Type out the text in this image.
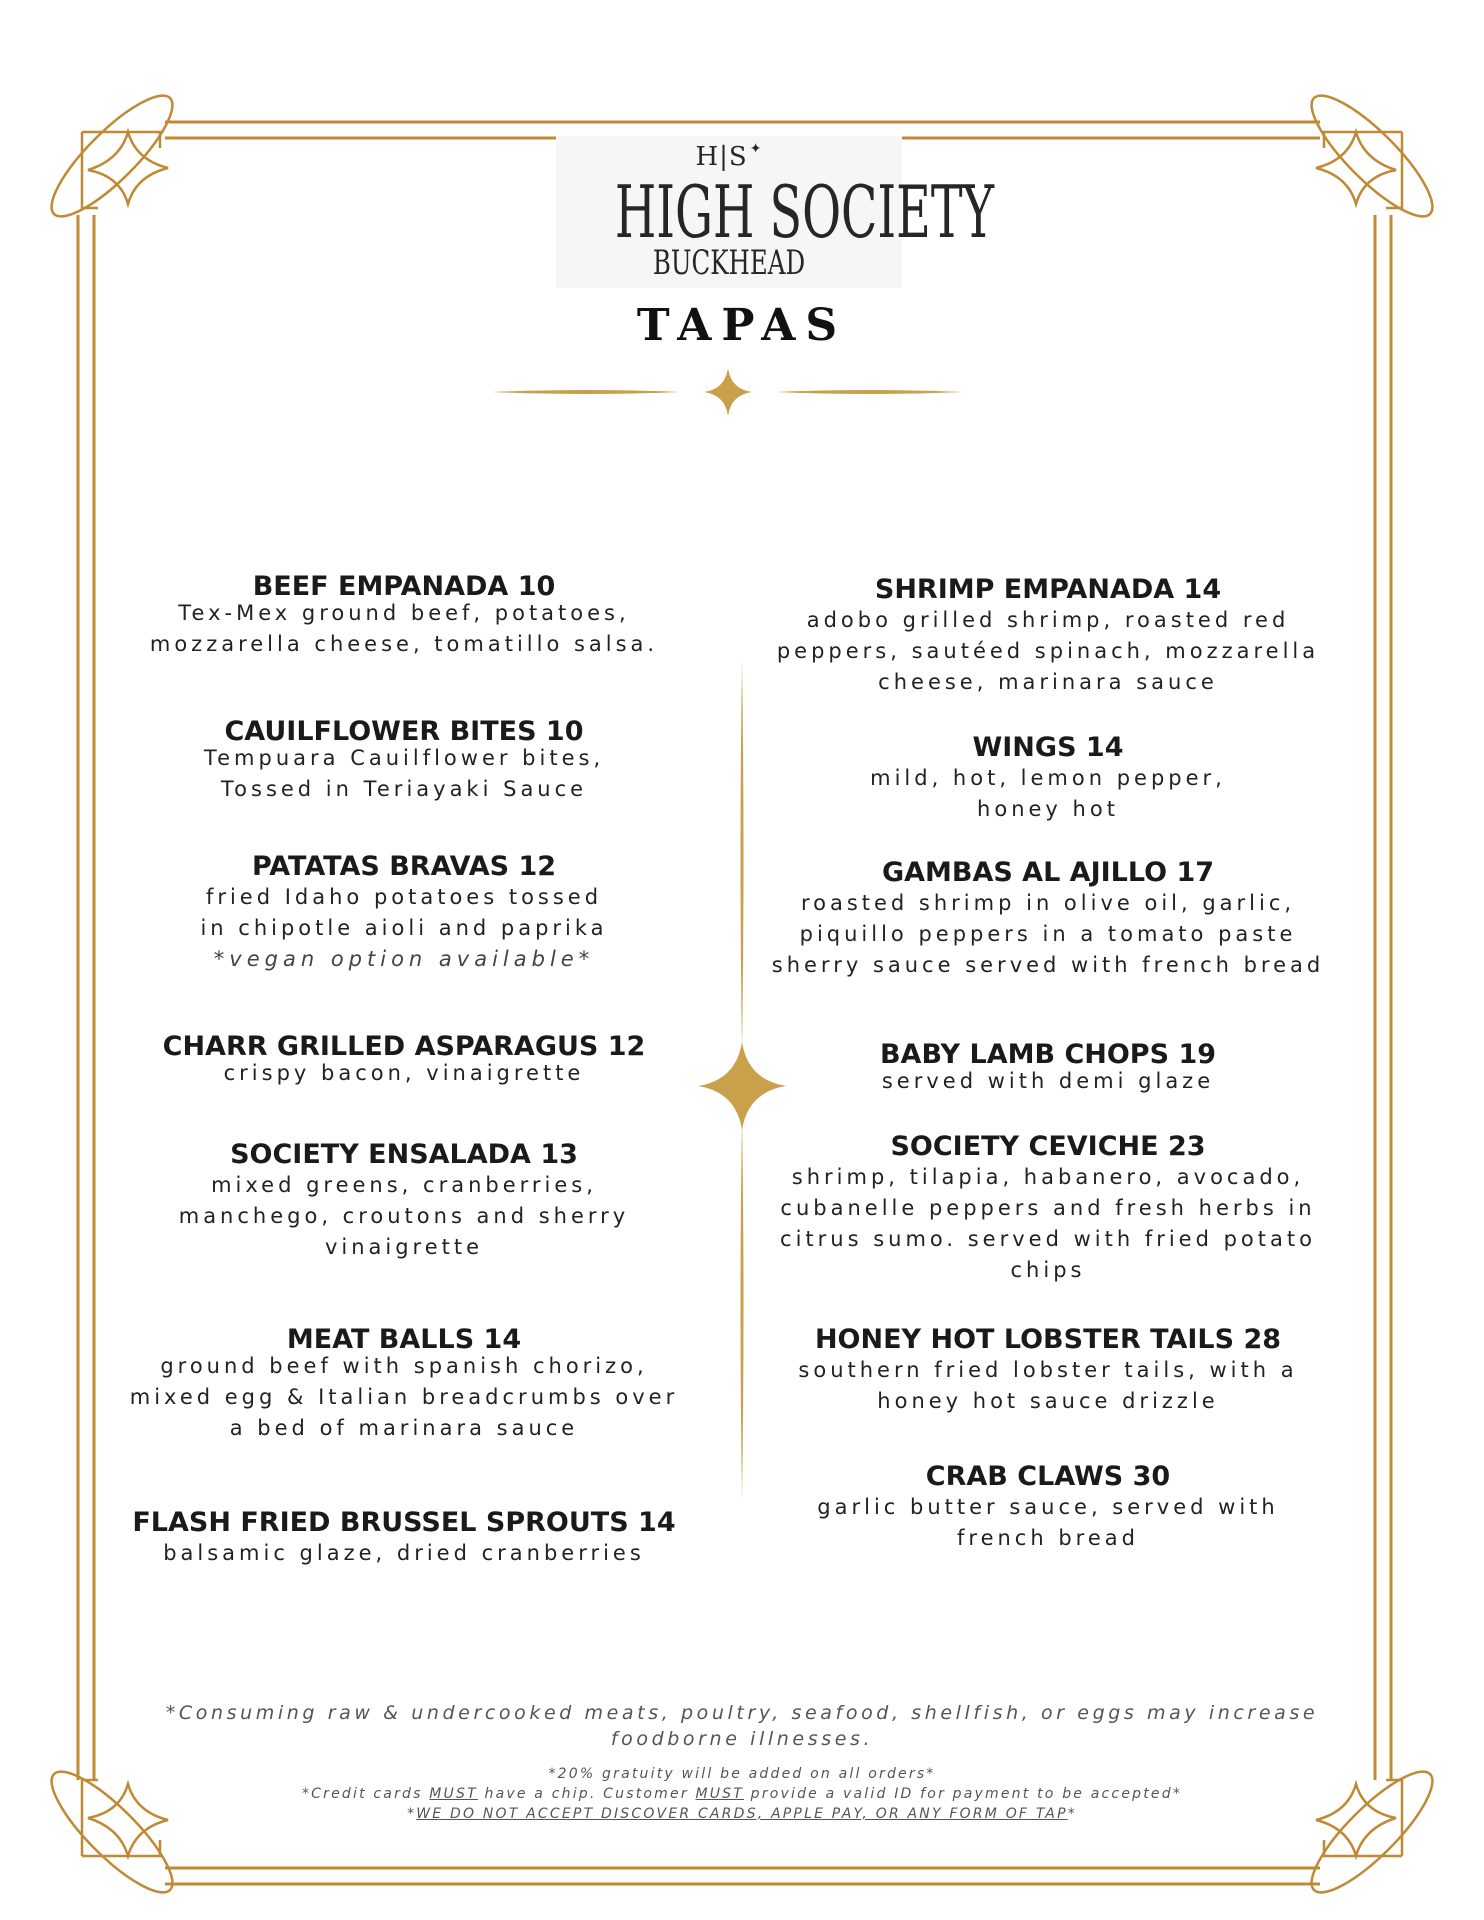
H|S ✦
HIGH SOCIETY
BUCKHEAD
TAPAS
BEEF EMPANADA 10
Tex-Mex ground beef, potatoes, mozzarella cheese, tomatillo salsa.
CAUILFLOWER BITES 10
Tempuara Cauilflower bites, Tossed in Teriayaki Sauce
PATATAS BRAVAS 12
fried Idaho potatoes tossed in chipotle aioli and paprika
*vegan option available*
CHARR GRILLED ASPARAGUS 12
crispy bacon, vinaigrette
SOCIETY ENSALADA 13
mixed greens, cranberries, manchego, croutons and sherry vinaigrette
MEAT BALLS 14
ground beef with spanish chorizo, mixed egg & Italian breadcrumbs over a bed of marinara sauce
FLASH FRIED BRUSSEL SPROUTS 14
balsamic glaze, dried cranberries
SHRIMP EMPANADA 14
adobo grilled shrimp, roasted red peppers, sautéed spinach, mozzarella cheese, marinara sauce
WINGS 14
mild, hot, lemon pepper, honey hot
GAMBAS AL AJILLO 17
roasted shrimp in olive oil, garlic, piquillo peppers in a tomato paste sherry sauce served with french bread
BABY LAMB CHOPS 19
served with demi glaze
SOCIETY CEVICHE 23
shrimp, tilapia, habanero, avocado, cubanelle peppers and fresh herbs in citrus sumo. served with fried potato chips
HONEY HOT LOBSTER TAILS 28
southern fried lobster tails, with a honey hot sauce drizzle
CRAB CLAWS 30
garlic butter sauce, served with french bread
*Consuming raw & undercooked meats, poultry, seafood, shellfish, or eggs may increase foodborne illnesses.
*20% gratuity will be added on all orders*
*Credit cards MUST have a chip. Customer MUST provide a valid ID for payment to be accepted*
*WE DO NOT ACCEPT DISCOVER CARDS, APPLE PAY, OR ANY FORM OF TAP*
